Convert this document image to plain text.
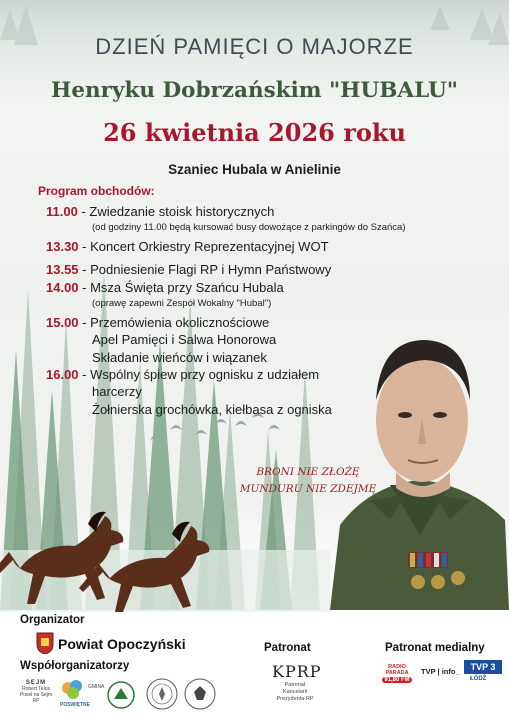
DZIEŃ PAMIĘCI O MAJORZE
Henryku Dobrzańskim "HUBALU"
26 kwietnia 2026 roku
Szaniec Hubala w Anielinie
Program obchodów:
11.00 - Zwiedzanie stoisk historycznych
(od godziny 11.00 będą kursować busy dowożące z parkingów do Szańca)
13.30 - Koncert Orkiestry Reprezentacyjnej WOT
13.55 - Podniesienie Flagi RP i Hymn Państwowy
14.00 - Msza Święta przy Szańcu Hubala
(oprawę zapewni Zespół Wokalny "Hubal")
15.00 - Przemówienia okolicznościowe
Apel Pamięci i Salwa Honorowa
Składanie wieńców i wiązanek
16.00 - Wspólny śpiew przy ognisku z udziałem
harcerzy
Żołnierska grochówka, kiełbasa z ogniska
BRONI NIE ZŁOŻĘ
MUNDURU NIE ZDEJMĘ
Organizator
Powiat Opoczyński
Współorganizatorzy
SEJM
Robert Telus
Poseł na Sejm RP
POSWIĘTNE
GMINA
Patronat
KPRP
Patronat Kancelarii Prezydenta RP
Patronat medialny
RADIO PARADA
91,80 FM
TVP | info_	TVP 3
ŁÓDŹ
